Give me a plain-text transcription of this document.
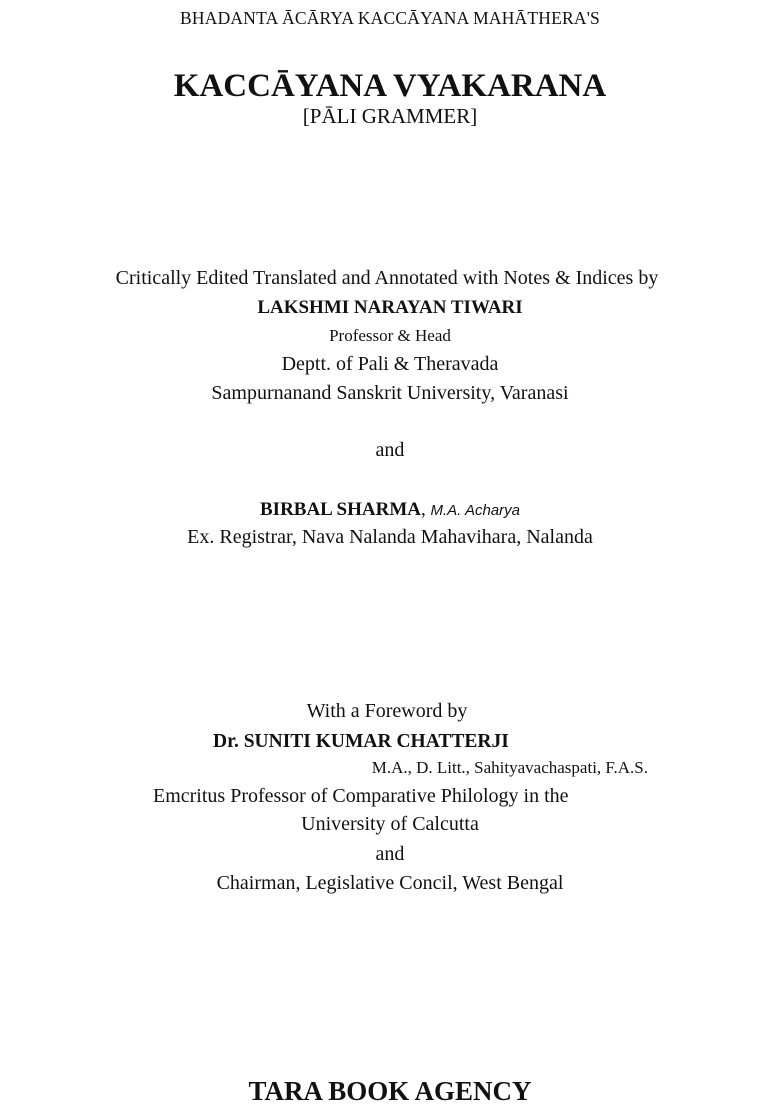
BHADANTA ĀCĀRYA KACCĀYANA MAHĀTHERA'S
KACCĀYANA VYAKARANA
[PĀLI GRAMMER]
Critically Edited Translated and Annotated with Notes & Indices by
LAKSHMI NARAYAN TIWARI
Professor & Head
Deptt. of Pali & Theravada
Sampurnanand Sanskrit University, Varanasi
and
BIRBAL SHARMA, M.A. Acharya
Ex. Registrar, Nava Nalanda Mahavihara, Nalanda
With a Foreword by
Dr. SUNITI KUMAR CHATTERJI
M.A., D. Litt., Sahityavachaspati, F.A.S.
Emcritus Professor of Comparative Philology in the
University of Calcutta
and
Chairman, Legislative Concil, West Bengal
TARA BOOK AGENCY
